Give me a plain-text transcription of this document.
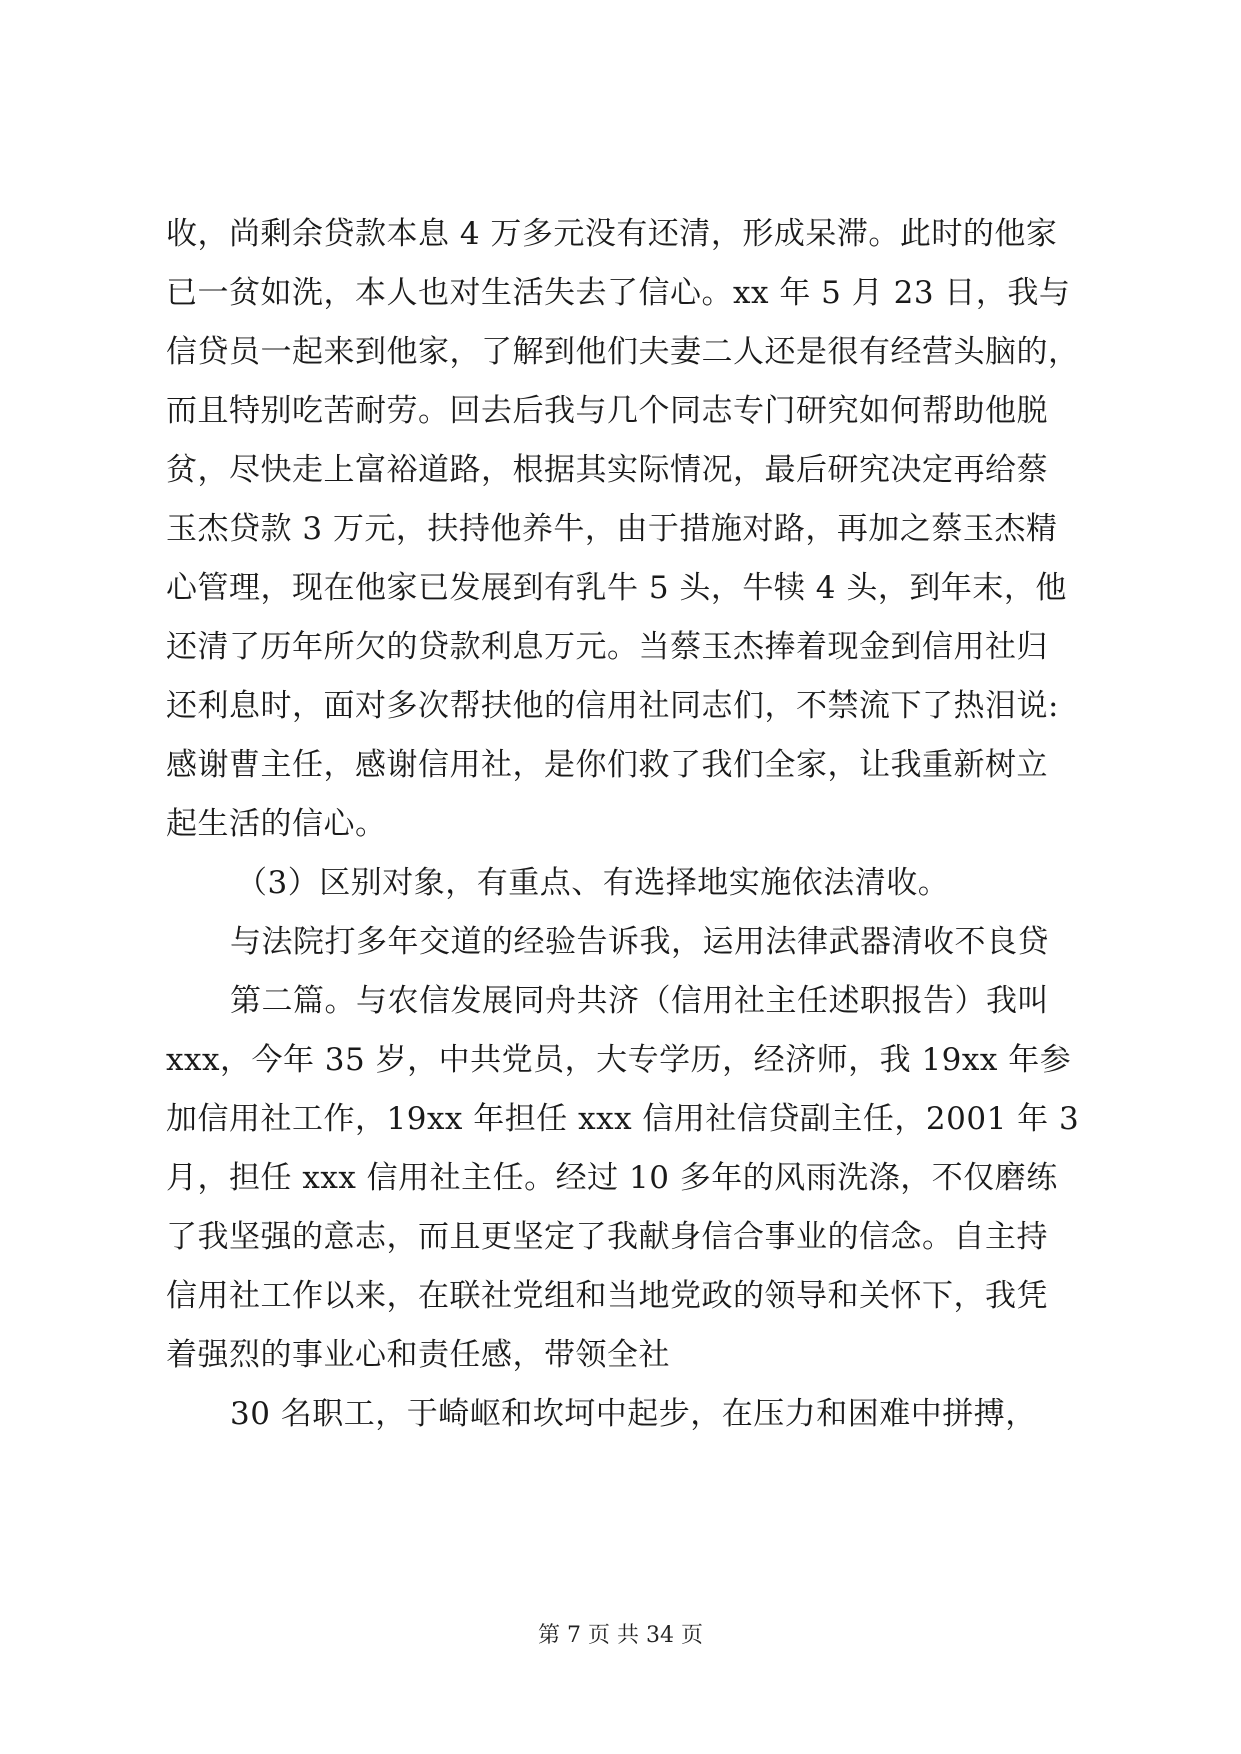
收，尚剩余贷款本息 4 万多元没有还清，形成呆滞。此时的他家
已一贫如洗，本人也对生活失去了信心。xx 年 5 月 23 日，我与
信贷员一起来到他家，了解到他们夫妻二人还是很有经营头脑的，
而且特别吃苦耐劳。回去后我与几个同志专门研究如何帮助他脱
贫，尽快走上富裕道路，根据其实际情况，最后研究决定再给蔡
玉杰贷款 3 万元，扶持他养牛，由于措施对路，再加之蔡玉杰精
心管理，现在他家已发展到有乳牛 5 头，牛犊 4 头，到年末，他
还清了历年所欠的贷款利息万元。当蔡玉杰捧着现金到信用社归
还利息时，面对多次帮扶他的信用社同志们，不禁流下了热泪说:
感谢曹主任，感谢信用社，是你们救了我们全家，让我重新树立
起生活的信心。
（3）区别对象，有重点、有选择地实施依法清收。
与法院打多年交道的经验告诉我，运用法律武器清收不良贷
第二篇。与农信发展同舟共济（信用社主任述职报告）我叫
xxx，今年 35 岁，中共党员，大专学历，经济师，我 19xx 年参
加信用社工作，19xx 年担任 xxx 信用社信贷副主任，2001 年 3
月，担任 xxx 信用社主任。经过 10 多年的风雨洗涤，不仅磨练
了我坚强的意志，而且更坚定了我献身信合事业的信念。自主持
信用社工作以来，在联社党组和当地党政的领导和关怀下，我凭
着强烈的事业心和责任感，带领全社
30 名职工，于崎岖和坎坷中起步，在压力和困难中拼搏，
第 7 页 共 34 页
